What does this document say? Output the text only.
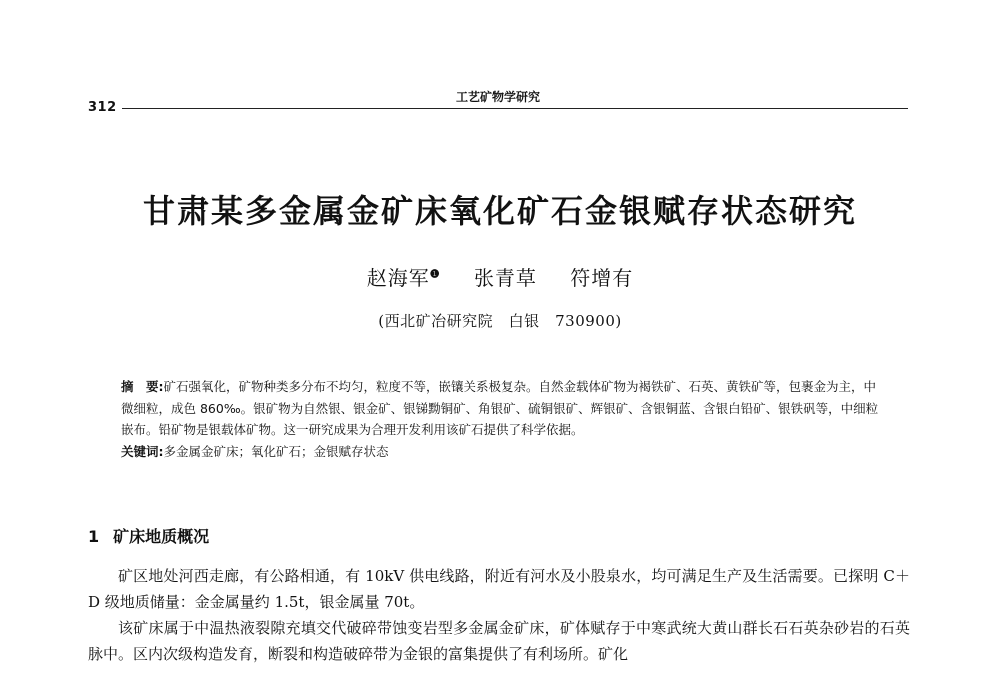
312
工艺矿物学研究
甘肃某多金属金矿床氧化矿石金银赋存状态研究
赵海军$^❶$ 张青草 符增有
(西北矿冶研究院　白银　730900)
摘　要:矿石强氧化，矿物种类多分布不均匀，粒度不等，嵌镶关系极复杂。自然金载体矿物为褐铁矿、石英、黄铁矿等，包裹金为主，中微细粒，成色 860‰。银矿物为自然银、银金矿、银锑黝铜矿、角银矿、硫铜银矿、辉银矿、含银铜蓝、含银白铅矿、银铁矾等，中细粒嵌布。铅矿物是银载体矿物。这一研究成果为合理开发利用该矿石提供了科学依据。
关键词:多金属金矿床；氧化矿石；金银赋存状态
1 矿床地质概况

矿区地处河西走廊，有公路相通，有 10kV 供电线路，附近有河水及小股泉水，均可满足生产及生活需要。已探明 C＋D 级地质储量：金金属量约 1.5t，银金属量 70t。

该矿床属于中温热液裂隙充填交代破碎带蚀变岩型多金属金矿床，矿体赋存于中寒武统大黄山群长石石英杂砂岩的石英脉中。区内次级构造发育，断裂和构造破碎带为金银的富集提供了有利场所。矿化
